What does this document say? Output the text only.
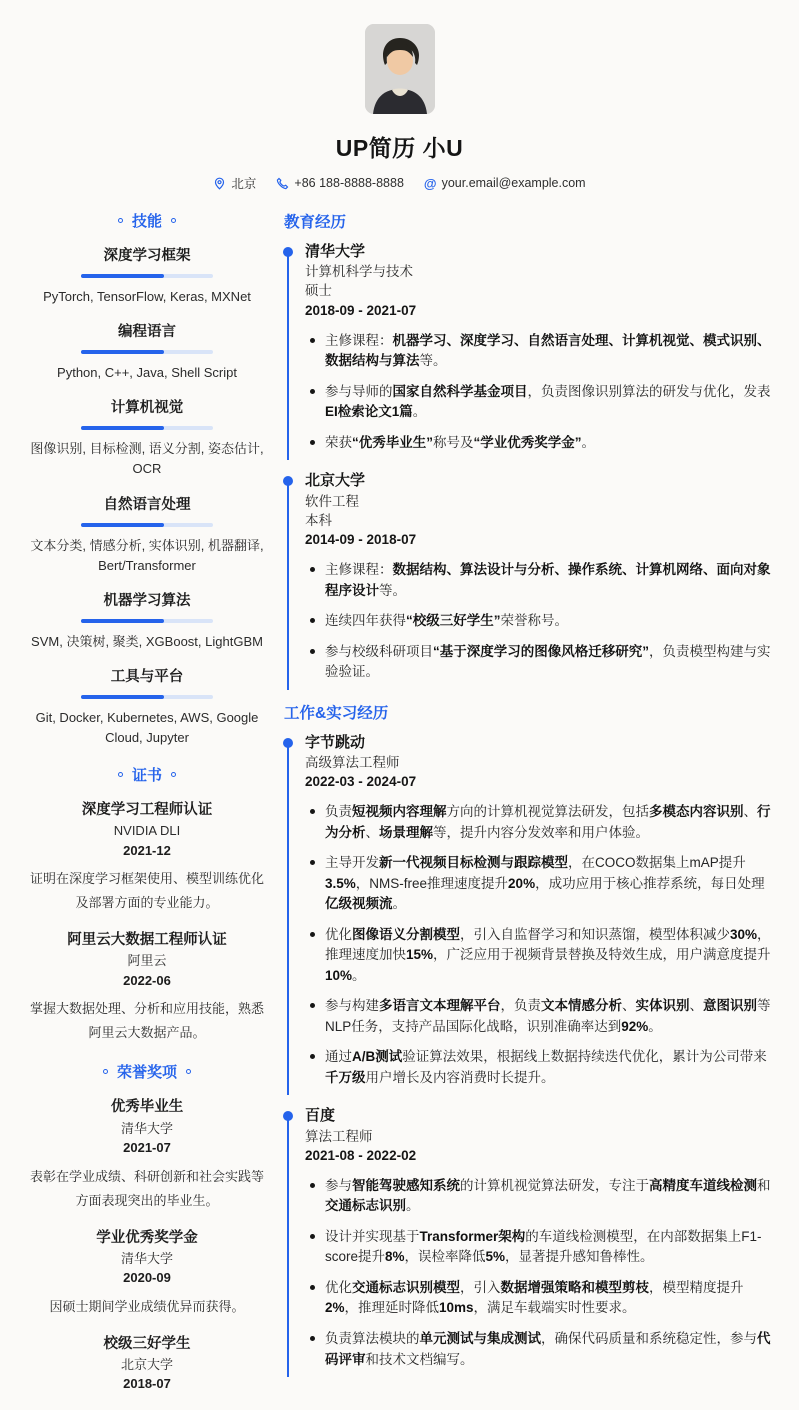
UP简历 小U
北京	+86 188-8888-8888 @ your.email@example.com
技能
深度学习框架
PyTorch, TensorFlow, Keras, MXNet
编程语言
Python, C++, Java, Shell Script
计算机视觉
图像识别, 目标检测, 语义分割, 姿态估计, OCR
自然语言处理
文本分类, 情感分析, 实体识别, 机器翻译, Bert/Transformer
机器学习算法
SVM, 决策树, 聚类, XGBoost, LightGBM
工具与平台
Git, Docker, Kubernetes, AWS, Google Cloud, Jupyter
证书
深度学习工程师认证
NVIDIA DLI
2021-12
证明在深度学习框架使用、模型训练优化及部署方面的专业能力。
阿里云大数据工程师认证
阿里云
2022-06
掌握大数据处理、分析和应用技能，熟悉阿里云大数据产品。
荣誉奖项
优秀毕业生
清华大学
2021-07
表彰在学业成绩、科研创新和社会实践等方面表现突出的毕业生。
学业优秀奖学金
清华大学
2020-09
因硕士期间学业成绩优异而获得。
校级三好学生
北京大学
2018-07
教育经历
清华大学
计算机科学与技术
硕士
2018-09 - 2021-07
主修课程：机器学习、深度学习、自然语言处理、计算机视觉、模式识别、数据结构与算法等。
参与导师的国家自然科学基金项目，负责图像识别算法的研发与优化，发表EI检索论文1篇。
荣获“优秀毕业生”称号及“学业优秀奖学金”。
北京大学
软件工程
本科
2014-09 - 2018-07
主修课程：数据结构、算法设计与分析、操作系统、计算机网络、面向对象程序设计等。
连续四年获得“校级三好学生”荣誉称号。
参与校级科研项目“基于深度学习的图像风格迁移研究”，负责模型构建与实验验证。
工作&实习经历
字节跳动
高级算法工程师
2022-03 - 2024-07
负责短视频内容理解方向的计算机视觉算法研发，包括多模态内容识别、行为分析、场景理解等，提升内容分发效率和用户体验。
主导开发新一代视频目标检测与跟踪模型，在COCO数据集上mAP提升3.5%，NMS-free推理速度提升20%，成功应用于核心推荐系统，每日处理亿级视频流。
优化图像语义分割模型，引入自监督学习和知识蒸馏，模型体积减少30%，推理速度加快15%，广泛应用于视频背景替换及特效生成，用户满意度提升10%。
参与构建多语言文本理解平台，负责文本情感分析、实体识别、意图识别等NLP任务，支持产品国际化战略，识别准确率达到92%。
通过A/B测试验证算法效果，根据线上数据持续迭代优化，累计为公司带来千万级用户增长及内容消费时长提升。
百度
算法工程师
2021-08 - 2022-02
参与智能驾驶感知系统的计算机视觉算法研发，专注于高精度车道线检测和交通标志识别。
设计并实现基于Transformer架构的车道线检测模型，在内部数据集上F1-score提升8%，误检率降低5%，显著提升感知鲁棒性。
优化交通标志识别模型，引入数据增强策略和模型剪枝，模型精度提升2%，推理延时降低10ms，满足车载端实时性要求。
负责算法模块的单元测试与集成测试，确保代码质量和系统稳定性，参与代码评审和技术文档编写。
